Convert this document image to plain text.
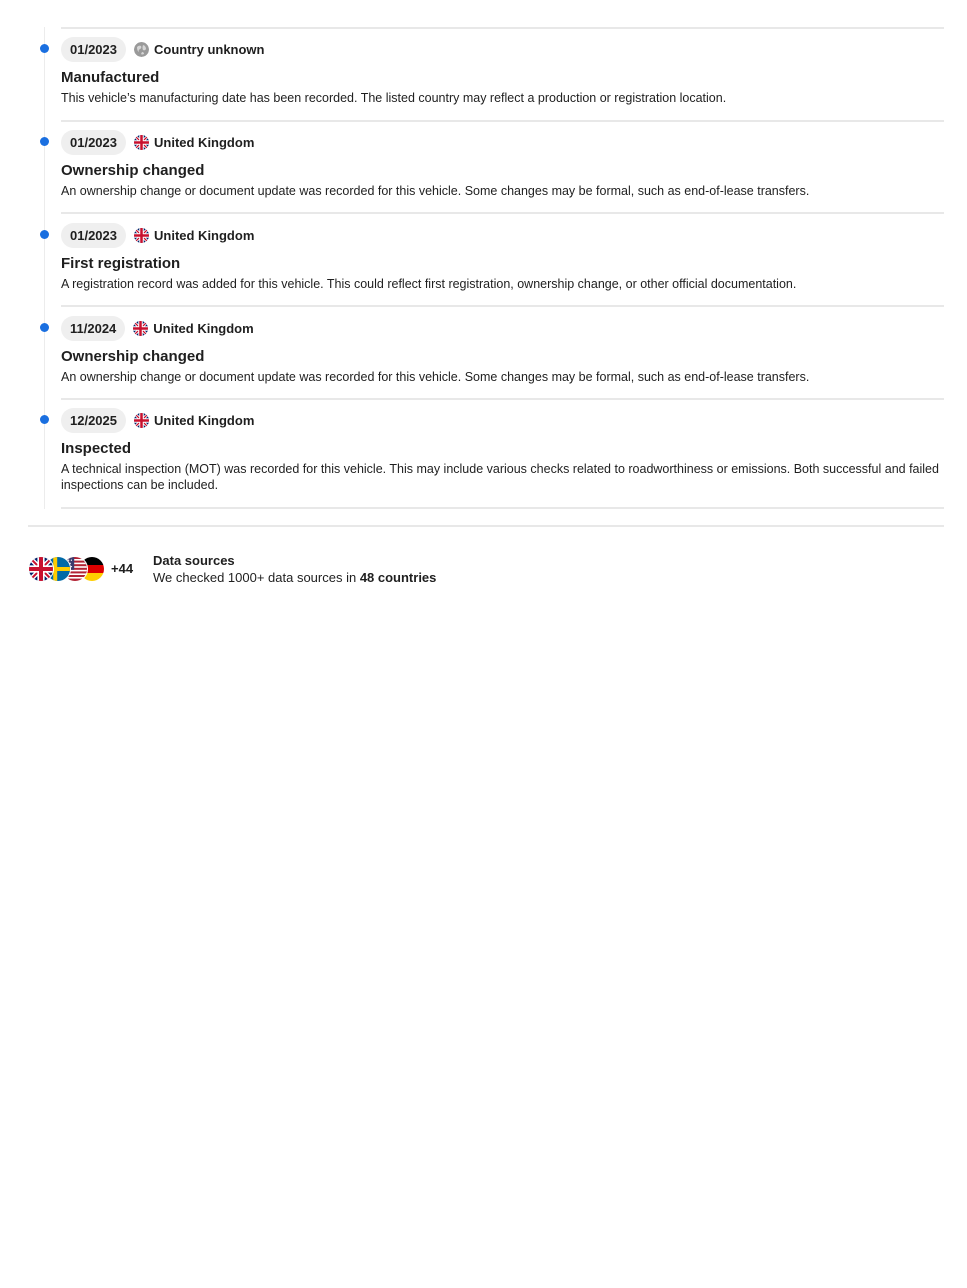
01/2023	Country unknown
Manufactured
This vehicle’s manufacturing date has been recorded. The listed country may reflect a production or registration location.
01/2023	United Kingdom
Ownership changed
An ownership change or document update was recorded for this vehicle. Some changes may be formal, such as end-of-lease transfers.
01/2023	United Kingdom
First registration
A registration record was added for this vehicle. This could reflect first registration, ownership change, or other official documentation.
11/2024	United Kingdom
Ownership changed
An ownership change or document update was recorded for this vehicle. Some changes may be formal, such as end-of-lease transfers.
12/2025	United Kingdom
Inspected
A technical inspection (MOT) was recorded for this vehicle. This may include various checks related to roadworthiness or emissions. Both successful and failed inspections can be included.
+44
Data sources
We checked 1000+ data sources in 48 countries
